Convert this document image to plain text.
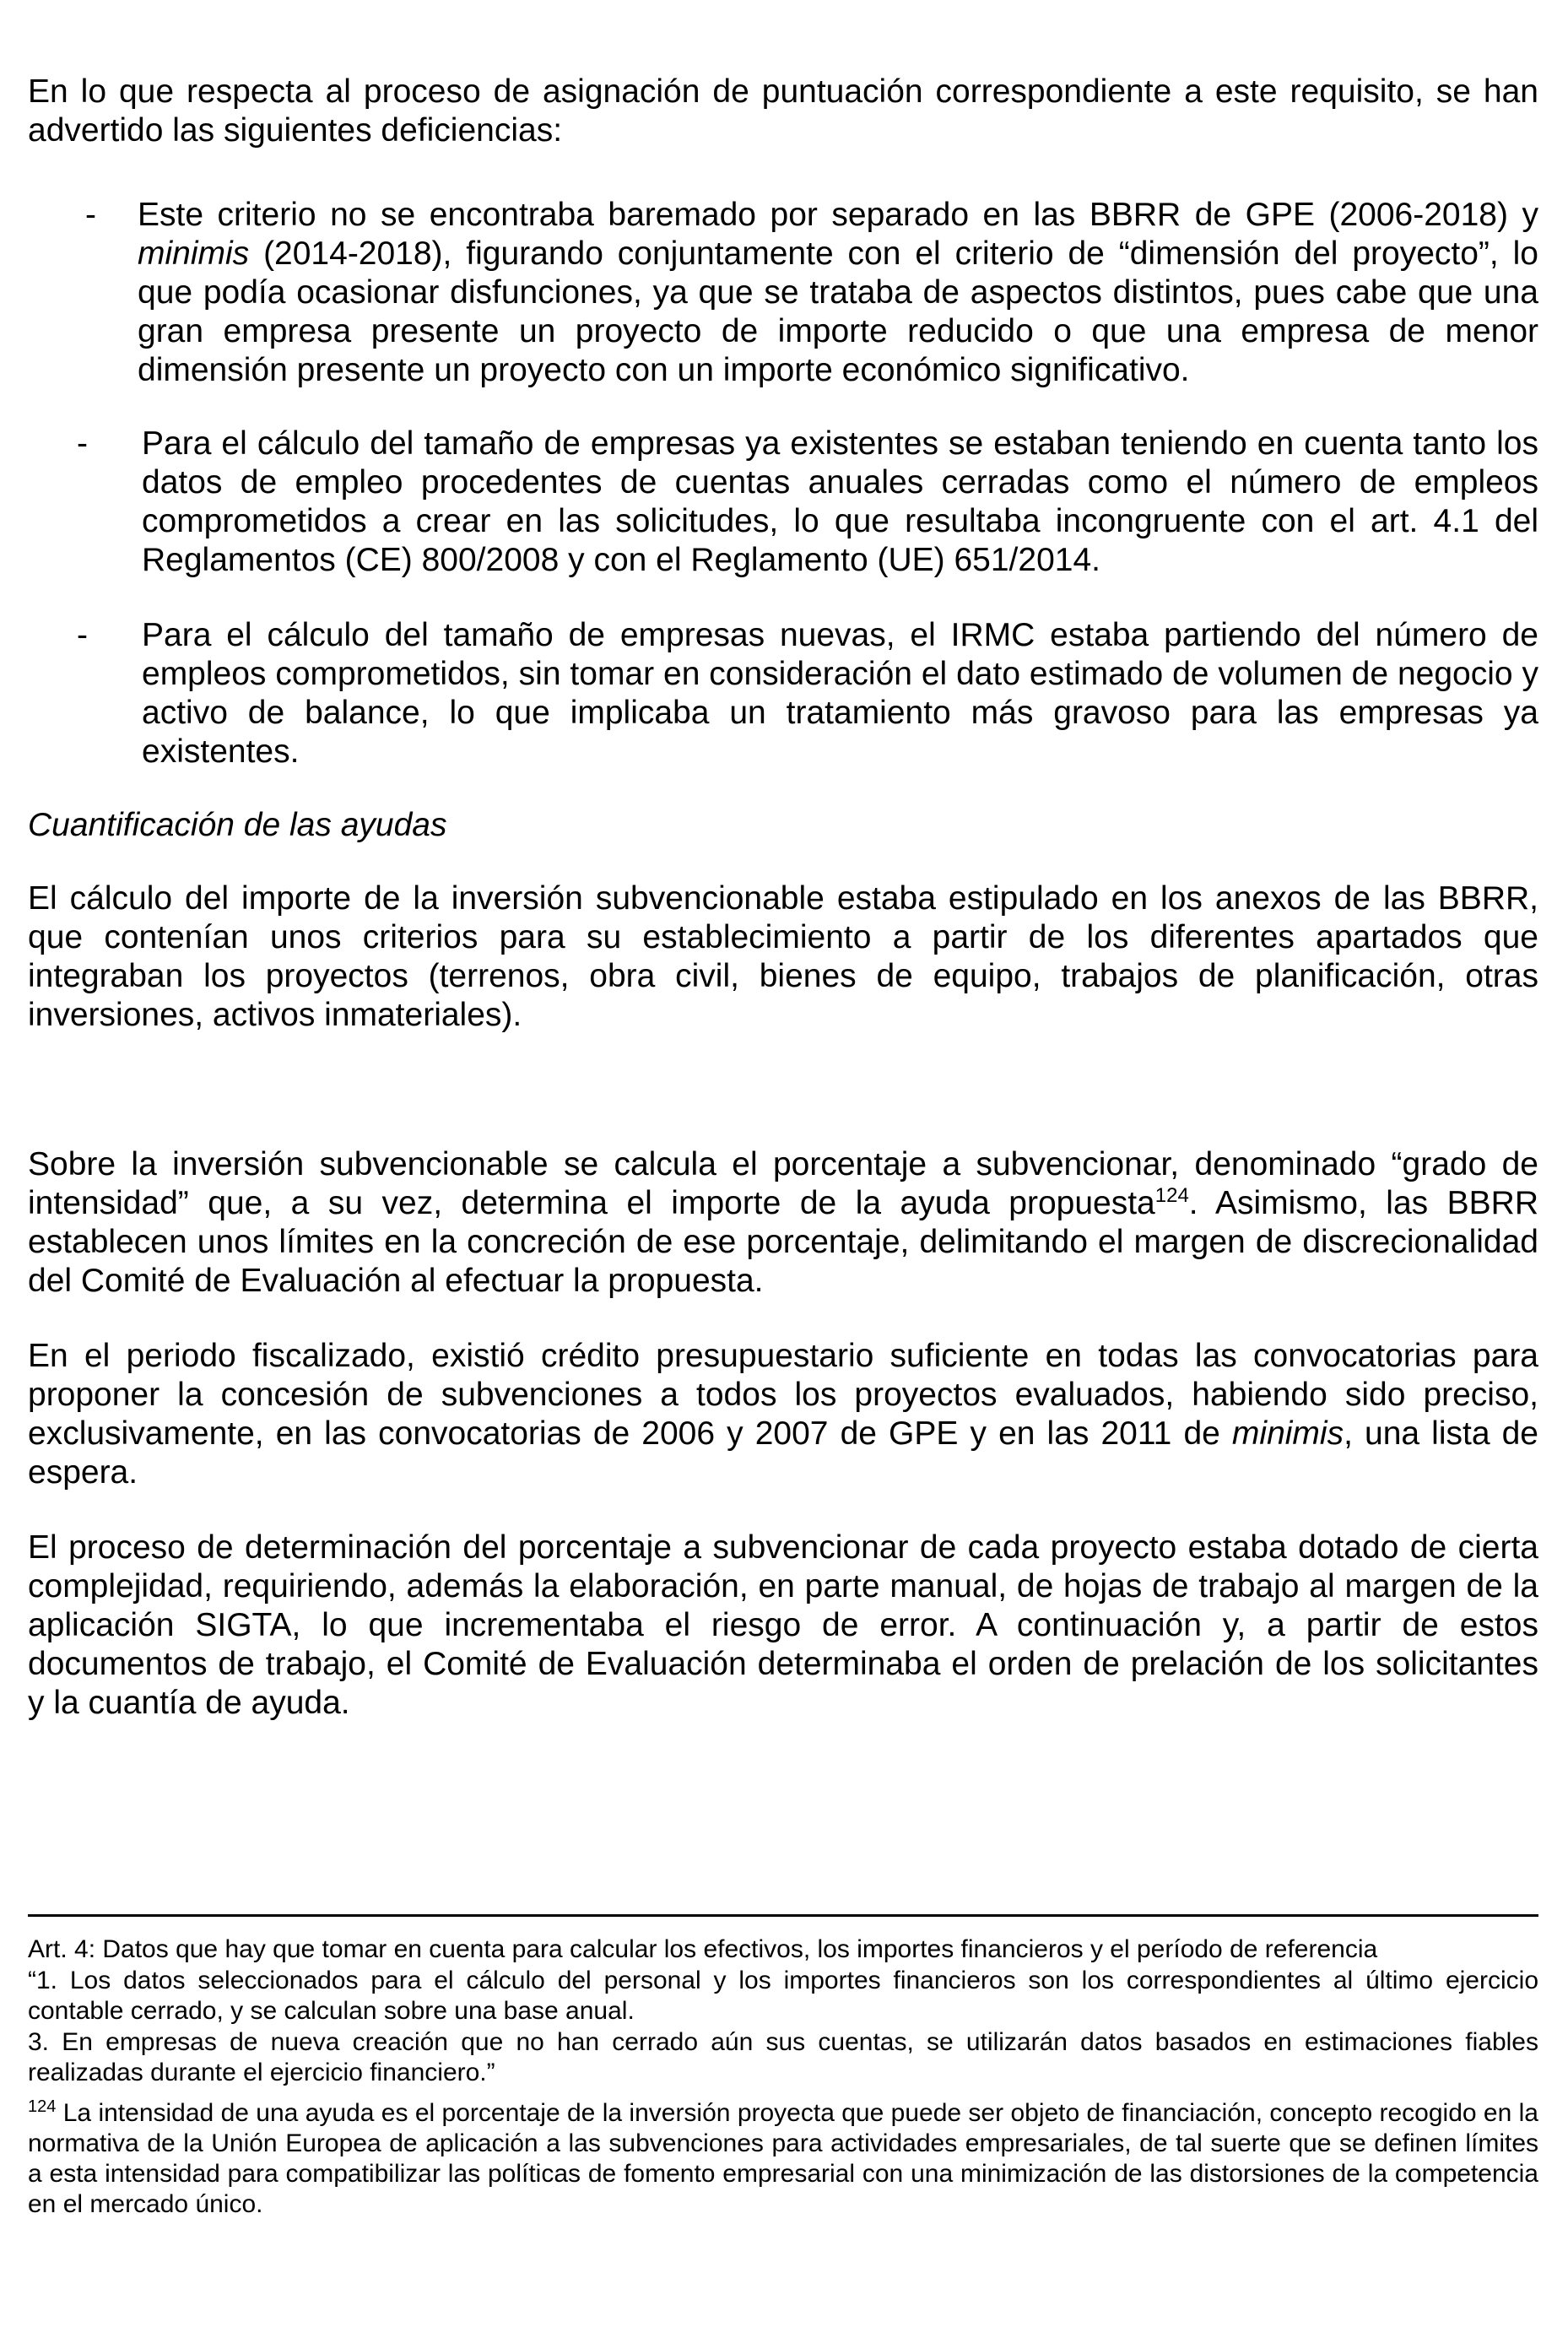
En lo que respecta al proceso de asignación de puntuación correspondiente a este requisito, se han advertido las siguientes deficiencias:

- Este criterio no se encontraba baremado por separado en las BBRR de GPE (2006-2018) y minimis (2014-2018), figurando conjuntamente con el criterio de “dimensión del proyecto”, lo que podía ocasionar disfunciones, ya que se trataba de aspectos distintos, pues cabe que una gran empresa presente un proyecto de importe reducido o que una empresa de menor dimensión presente un proyecto con un importe económico significativo.
- Para el cálculo del tamaño de empresas ya existentes se estaban teniendo en cuenta tanto los datos de empleo procedentes de cuentas anuales cerradas como el número de empleos comprometidos a crear en las solicitudes, lo que resultaba incongruente con el art. 4.1 del Reglamentos (CE) 800/2008 y con el Reglamento (UE) 651/2014.
- Para el cálculo del tamaño de empresas nuevas, el IRMC estaba partiendo del número de empleos comprometidos, sin tomar en consideración el dato estimado de volumen de negocio y activo de balance, lo que implicaba un tratamiento más gravoso para las empresas ya existentes.

Cuantificación de las ayudas

El cálculo del importe de la inversión subvencionable estaba estipulado en los anexos de las BBRR, que contenían unos criterios para su establecimiento a partir de los diferentes apartados que integraban los proyectos (terrenos, obra civil, bienes de equipo, trabajos de planificación, otras inversiones, activos inmateriales).

Sobre la inversión subvencionable se calcula el porcentaje a subvencionar, denominado “grado de intensidad” que, a su vez, determina el importe de la ayuda propuesta$^{124}$. Asimismo, las BBRR establecen unos límites en la concreción de ese porcentaje, delimitando el margen de discrecionalidad del Comité de Evaluación al efectuar la propuesta.

En el periodo fiscalizado, existió crédito presupuestario suficiente en todas las convocatorias para proponer la concesión de subvenciones a todos los proyectos evaluados, habiendo sido preciso, exclusivamente, en las convocatorias de 2006 y 2007 de GPE y en las 2011 de minimis, una lista de espera.

El proceso de determinación del porcentaje a subvencionar de cada proyecto estaba dotado de cierta complejidad, requiriendo, además la elaboración, en parte manual, de hojas de trabajo al margen de la aplicación SIGTA, lo que incrementaba el riesgo de error. A continuación y, a partir de estos documentos de trabajo, el Comité de Evaluación determinaba el orden de prelación de los solicitantes y la cuantía de ayuda.

Art. 4: Datos que hay que tomar en cuenta para calcular los efectivos, los importes financieros y el período de referencia

“1. Los datos seleccionados para el cálculo del personal y los importes financieros son los correspondientes al último ejercicio contable cerrado, y se calculan sobre una base anual.

3. En empresas de nueva creación que no han cerrado aún sus cuentas, se utilizarán datos basados en estimaciones fiables realizadas durante el ejercicio financiero.”

$^{124}$ La intensidad de una ayuda es el porcentaje de la inversión proyecta que puede ser objeto de financiación, concepto recogido en la normativa de la Unión Europea de aplicación a las subvenciones para actividades empresariales, de tal suerte que se definen límites a esta intensidad para compatibilizar las políticas de fomento empresarial con una minimización de las distorsiones de la competencia en el mercado único.
